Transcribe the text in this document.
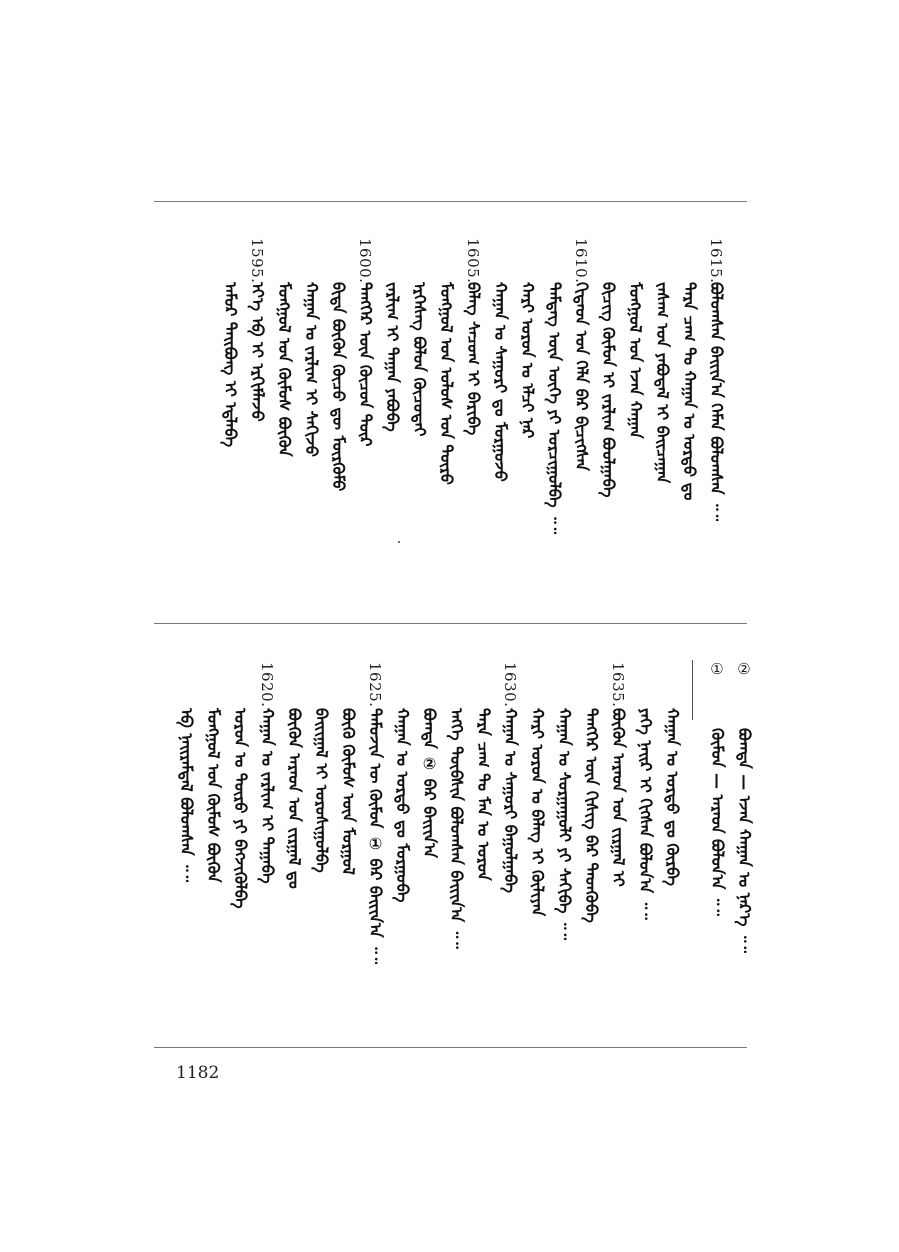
1615.
ᠪᠣᠯᠤᠭᠰᠠᠨ ᠪᠠᠢᠢᠨ᠎ᠠ ᠬᠡᠮᠡᠨ ᠪᠣᠯᠤᠭᠰᠠᠨ ᠃᠃
ᠲᠡᠷᠡ ᠴᠠᠭ ᠲᠤ ᠬᠠᠭᠠᠨ ᠤ ᠣᠷᠳᠣ ᠳᠤ
ᠵᠠᠰᠠᠭ ᠤᠨ ᠶᠠᠪᠤᠳᠠᠯ ᠢ ᠪᠠᠢᠴᠠᠭᠠᠨ
ᠮᠣᠩᠭᠣᠯ ᠤᠨ ᠡᠵᠡᠨ ᠬᠠᠭᠠᠨ
ᠪᠢᠴᠢᠭ᠌ ᠬᠦᠮᠦᠨ ᠢ ᠵᠠᠷᠯᠢᠭ ᠪᠤᠤᠯᠭᠠᠪᠠ
1610.
ᠬᠢᠲᠠᠳ ᠤᠨ ᠬᠡᠯᠡ ᠪᠡᠷ ᠪᠢᠴᠢᠭᠰᠡᠨ
ᠲᠡᠮᠳᠡᠭ ᠦᠨ ᠦᠭᠡ ᠶᠢ ᠣᠷᠴᠢᠭᠤᠯᠪᠠ ᠃᠃
ᠬᠠᠷᠢ ᠣᠷᠣᠨ ᠤ ᠡᠯᠴᠢ ᠨᠠᠷ
ᠬᠠᠭᠠᠨ ᠤ ᠰᠠᠭᠤᠷᠢ ᠳᠤ ᠮᠣᠷᠭᠣᠵᠤ
1605.
ᠪᠡᠯᠡᠭ ᠰᠠᠴᠤᠭ ᠢ ᠪᠠᠷᠢᠪᠠ
ᠮᠣᠩᠭᠣᠯ ᠤᠨ ᠤᠯᠤᠰ ᠤᠨ ᠲᠥᠷᠦ
ᠡᠷᠬᠡᠰᠡᠭ ᠪᠤᠯᠤᠨ ᠬᠦᠴᠦᠲᠡᠶ
ᠵᠠᠷᠯᠢᠭ ᠢ ᠳᠠᠭᠠᠨ ᠶᠠᠪᠤᠪᠠ
1600.
ᠲᠡᠩᠭᠡᠷ ᠦᠨ ᠬᠦᠴᠦᠨ ᠳᠦᠷ
ᠪᠢᠳᠡ ᠪᠦᠬᠦᠨ ᠬᠦᠴᠦ ᠳᠦ ᠮᠦᠷᠬᠦᠮᠦ
ᠬᠠᠭᠠᠨ ᠤ ᠵᠠᠷᠯᠢᠭ ᠢ ᠰᠠᠬᠢᠵᠤ
ᠮᠣᠩᠭᠣᠯ ᠤᠨ ᠬᠦᠮᠦᠰ ᠪᠦᠬᠦᠨ
1595.
ᠡᠶ᠎ᠡ ᠡᠪ ᠢ ᠡᠷᠬᠢᠮᠯᠡᠵᠦ
ᠠᠮᠤᠷ ᠲᠠᠢᠪᠤᠩ ᠢ ᠡᠳ᠋ᠯᠡᠪᠡ
②
ᠪᠣᠭᠳᠠ — ᠡᠵᠡᠨ ᠬᠠᠭᠠᠨ ᠤ ᠨᠡᠷ᠎ᠡ ᠃᠃
①
ᠬᠦᠮᠦᠨ — ᠠᠷᠠᠳ ᠪᠣᠯᠤᠨ᠎ᠠ ᠃᠃
ᠬᠠᠭᠠᠨ ᠤ ᠣᠷᠳᠣ ᠳᠤ ᠬᠦᠷᠪᠡ
ᠶᠡᠬᠡ ᠨᠠᠢᠷ ᠢ ᠬᠢᠭᠰᠡᠨ ᠪᠣᠯᠤᠨ᠎ᠠ ᠃᠃
1635.
ᠪᠦᠬᠦᠨ ᠠᠷᠠᠳ ᠤᠨ ᠵᠢᠷᠭᠠᠯ ᠢ
ᠲᠡᠩᠭᠡᠷ ᠦᠨ ᠬᠢᠰᠢᠭ ᠪᠠᠷ ᠲᠡᠳᠭᠦᠪᠡ
ᠬᠠᠭᠠᠨ ᠤ ᠰᠤᠷᠭᠠᠭᠤᠯᠢ ᠶᠢ ᠰᠠᠬᠢᠪᠠ ᠃᠃
ᠬᠠᠷᠢ ᠣᠷᠣᠨ ᠤ ᠪᠡᠯᠡᠭ ᠢ ᠬᠦᠯᠢᠶᠡᠨ
1630.
ᠬᠠᠭᠠᠨ ᠤ ᠰᠠᠭᠤᠷᠢ ᠪᠠᠭᠤᠯᠭᠠᠪᠠ
ᠲᠡᠷᠡ ᠴᠠᠭ ᠲᠤ ᠮᠠᠨ ᠤ ᠣᠷᠣᠨ
ᠡᠩᠬᠡ ᠲᠦᠪᠰᠢᠨ ᠪᠣᠯᠤᠭᠰᠠᠨ ᠪᠠᠢᠢᠨ᠎ᠠ ᠃᠃
ᠪᠣᠭᠳᠠ ② ᠪᠡᠷ ᠪᠠᠢᠢᠨ᠎ᠠ
ᠬᠠᠭᠠᠨ ᠤ ᠣᠷᠳᠣ ᠳᠤ ᠮᠣᠷᠭᠣᠪᠠ
1625.
ᠲᠡᠮᠦᠵᠢᠨ ᠦ ᠬᠦᠮᠦᠨ ① ᠪᠡᠷ ᠪᠠᠢᠢᠨ᠎ᠠ ᠃᠃
ᠪᠦᠬᠦ ᠬᠦᠮᠦᠰ ᠦᠨ ᠮᠣᠷᠭᠣᠯ
ᠪᠠᠢᠢᠭᠠᠯ ᠢ ᠣᠷᠣᠰᠢᠭᠤᠯᠪᠠ
ᠪᠦᠬᠦᠨ ᠠᠷᠠᠳ ᠤᠨ ᠵᠢᠷᠭᠠᠯ ᠳᠤ
1620.
ᠬᠠᠭᠠᠨ ᠤ ᠵᠠᠷᠯᠢᠭ ᠢ ᠳᠠᠭᠠᠪᠠ
ᠣᠷᠣᠨ ᠤ ᠲᠥᠷᠦ ᠶᠢ ᠪᠡᠬᠵᠢᠭᠦᠯᠪᠡ
ᠮᠣᠩᠭᠣᠯ ᠤᠨ ᠬᠦᠮᠦᠰ ᠪᠦᠬᠦᠨ
ᠡᠪ ᠨᠠᠢᠷᠠᠮᠳᠠᠯ ᠪᠣᠯᠤᠭᠰᠠᠨ ᠃᠃
1182
